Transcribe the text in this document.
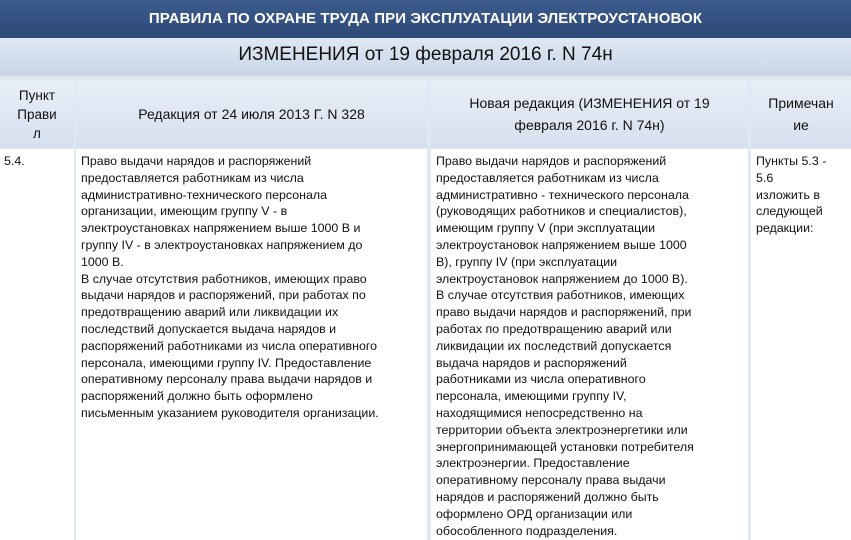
ПРАВИЛА ПО ОХРАНЕ ТРУДА ПРИ ЭКСПЛУАТАЦИИ ЭЛЕКТРОУСТАНОВОК
ИЗМЕНЕНИЯ от 19 февраля 2016 г. N 74н
Пункт
Прави
л
Редакция от 24 июля 2013 Г. N 328
Новая редакция (ИЗМЕНЕНИЯ от 19
февраля 2016 г. N 74н)
Примечан
ие
5.4.	Право выдачи нарядов и распоряжений
предоставляется работникам из числа
административно-технического персонала
организации, имеющим группу V - в
электроустановках напряжением выше 1000 В и
группу IV - в электроустановках напряжением до
1000 В.
В случае отсутствия работников, имеющих право
выдачи нарядов и распоряжений, при работах по
предотвращению аварий или ликвидации их
последствий допускается выдача нарядов и
распоряжений работниками из числа оперативного
персонала, имеющими группу IV. Предоставление
оперативному персоналу права выдачи нарядов и
распоряжений должно быть оформлено
письменным указанием руководителя организации.
Право выдачи нарядов и распоряжений
предоставляется работникам из числа
административно - технического персонала
(руководящих работников и специалистов),
имеющим группу V (при эксплуатации
электроустановок напряжением выше 1000
В), группу IV (при эксплуатации
электроустановок напряжением до 1000 В).
В случае отсутствия работников, имеющих
право выдачи нарядов и распоряжений, при
работах по предотвращению аварий или
ликвидации их последствий допускается
выдача нарядов и распоряжений
работниками из числа оперативного
персонала, имеющими группу IV,
находящимися непосредственно на
территории объекта электроэнергетики или
энергопринимающей установки потребителя
электроэнергии. Предоставление
оперативному персоналу права выдачи
нарядов и распоряжений должно быть
оформлено ОРД организации или
обособленного подразделения.
Пункты 5.3 -
5.6
изложить в
следующей
редакции:
